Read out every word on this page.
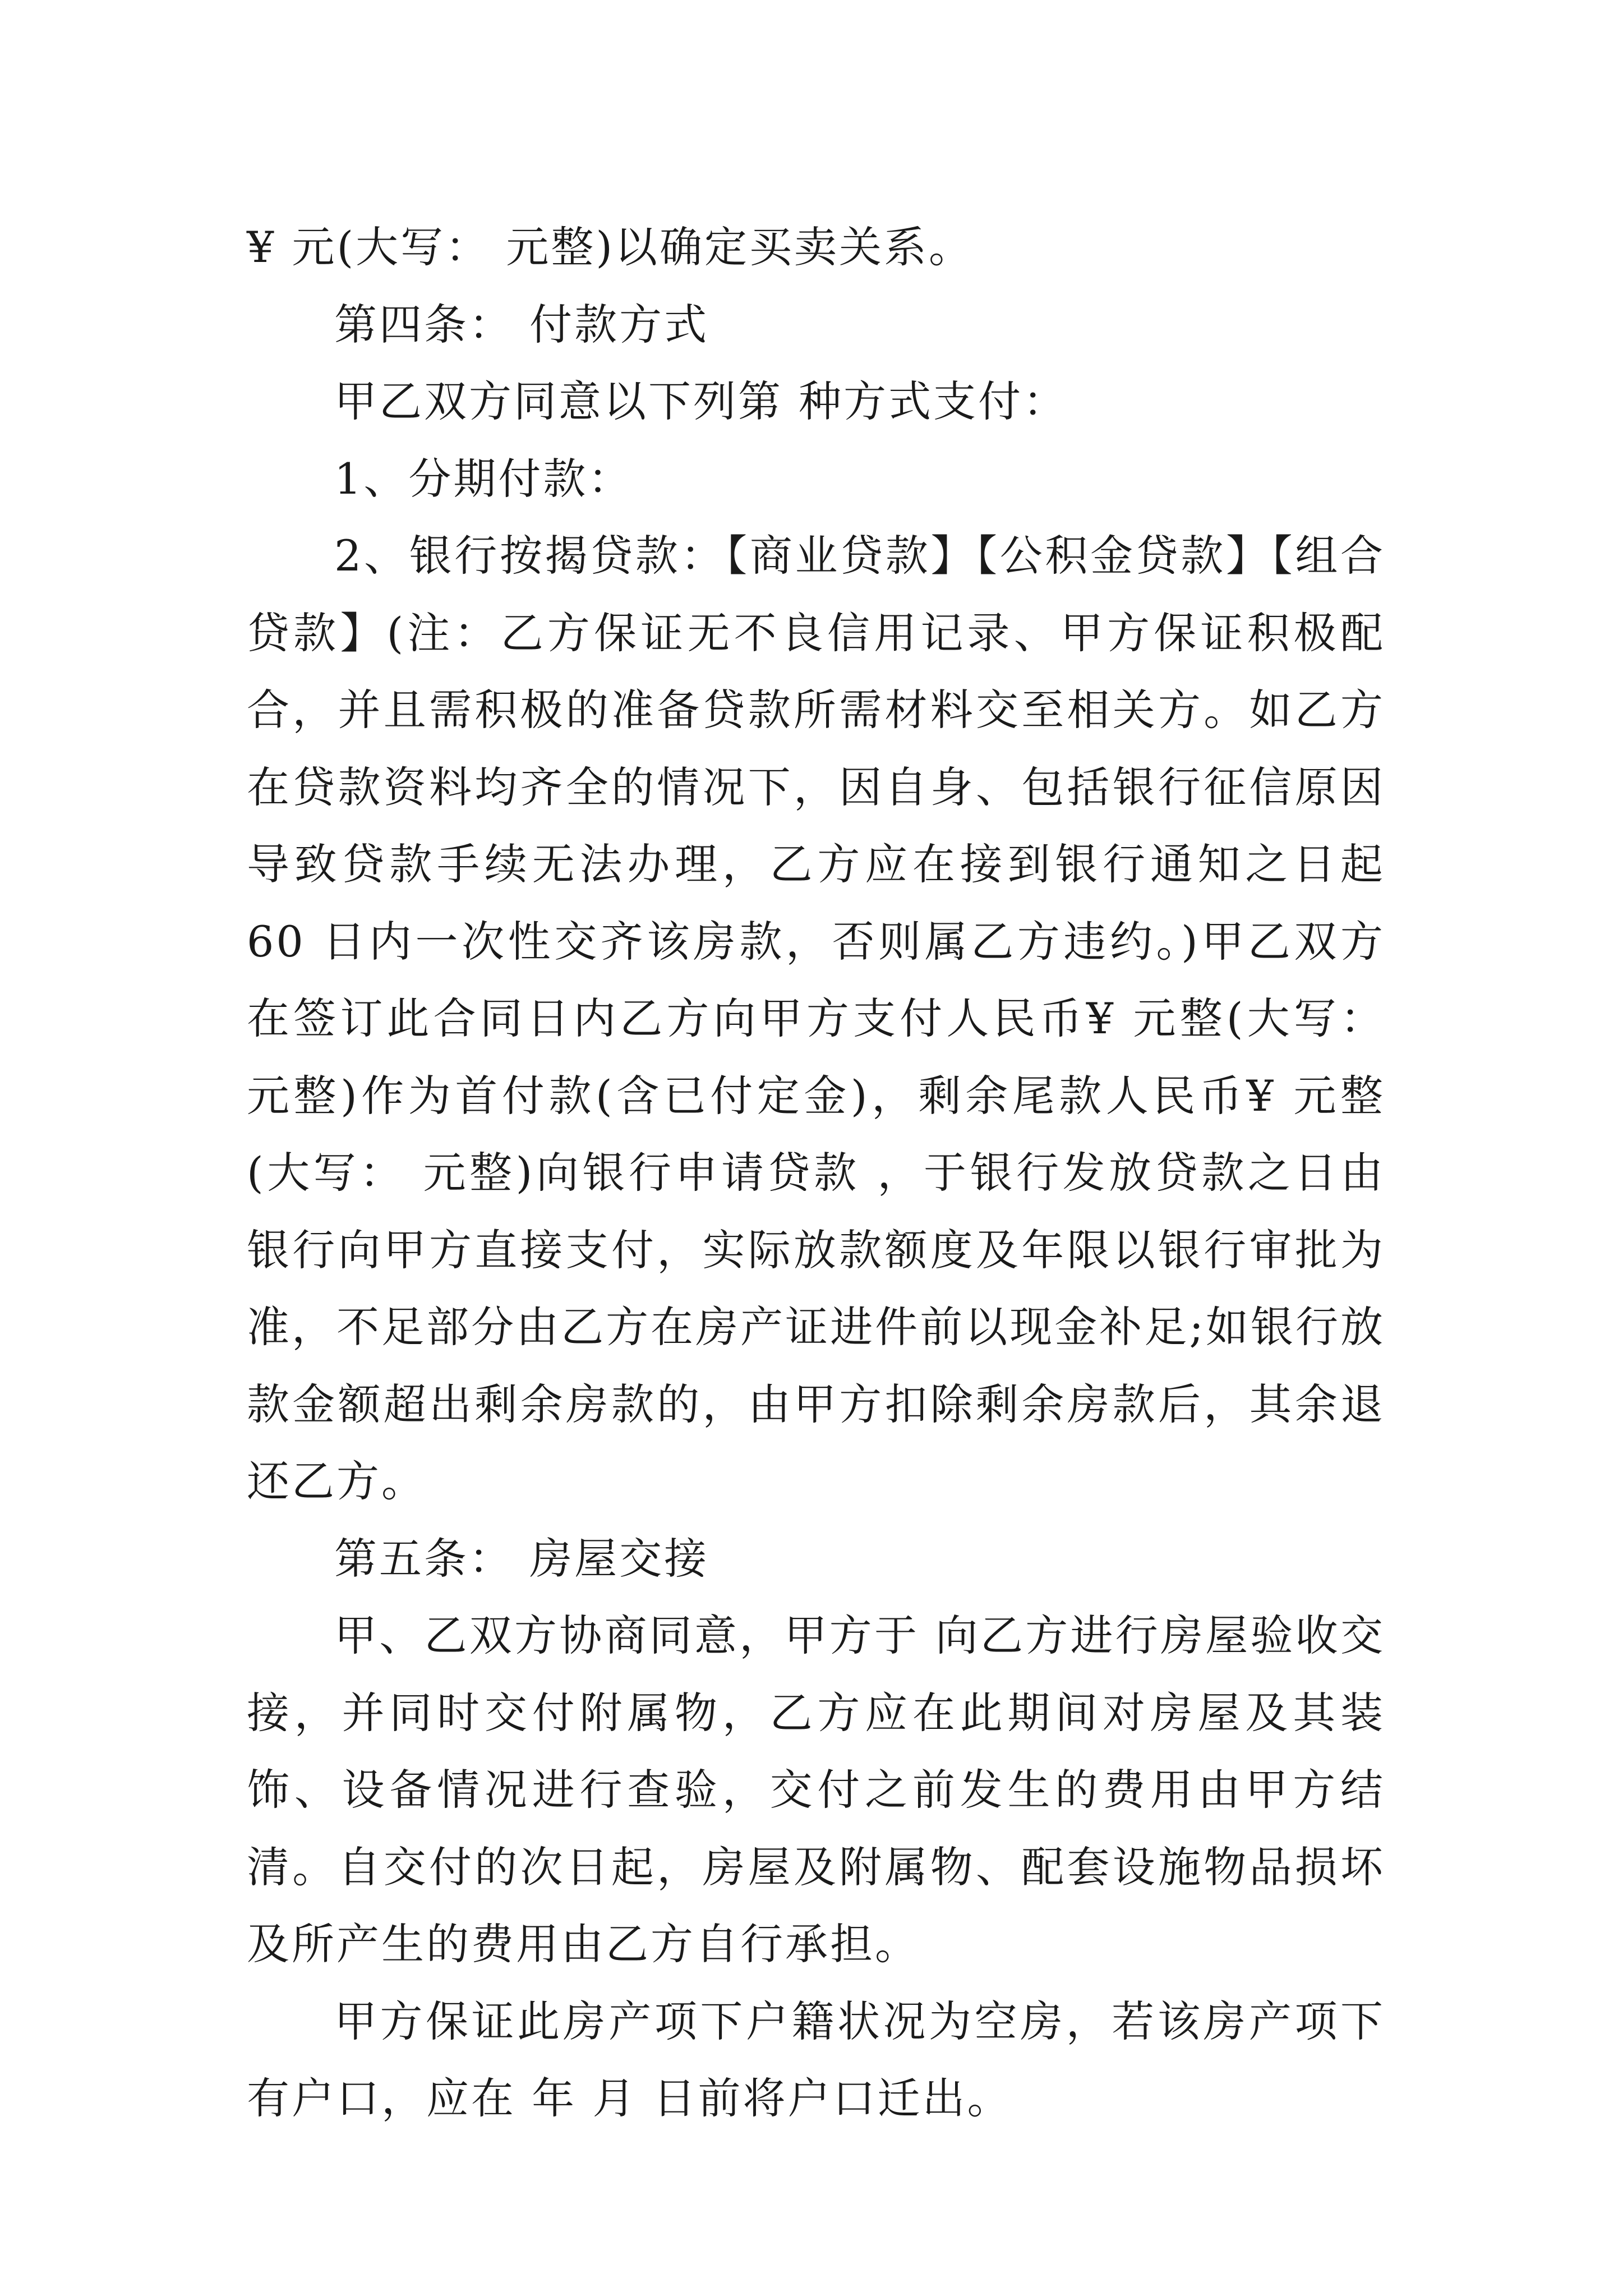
¥ 元(大写： 元整)以确定买卖关系。

第四条： 付款方式

甲乙双方同意以下列第 种方式支付：

1、分期付款：

2、银行按揭贷款：【商业贷款】【公积金贷款】【组合贷款】(注：乙方保证无不良信用记录、甲方保证积极配合，并且需积极的准备贷款所需材料交至相关方。如乙方在贷款资料均齐全的情况下，因自身、包括银行征信原因导致贷款手续无法办理，乙方应在接到银行通知之日起 60 日内一次性交齐该房款，否则属乙方违约。)甲乙双方在签订此合同日内乙方向甲方支付人民币¥ 元整(大写： 元整)作为首付款(含已付定金)，剩余尾款人民币¥ 元整(大写： 元整)向银行申请贷款 ，于银行发放贷款之日由银行向甲方直接支付，实际放款额度及年限以银行审批为准，不足部分由乙方在房产证进件前以现金补足;如银行放款金额超出剩余房款的，由甲方扣除剩余房款后，其余退还乙方。

第五条： 房屋交接

甲、乙双方协商同意，甲方于 向乙方进行房屋验收交接，并同时交付附属物，乙方应在此期间对房屋及其装饰、设备情况进行查验，交付之前发生的费用由甲方结清。自交付的次日起，房屋及附属物、配套设施物品损坏及所产生的费用由乙方自行承担。

甲方保证此房产项下户籍状况为空房，若该房产项下有户口，应在 年 月 日前将户口迁出。
